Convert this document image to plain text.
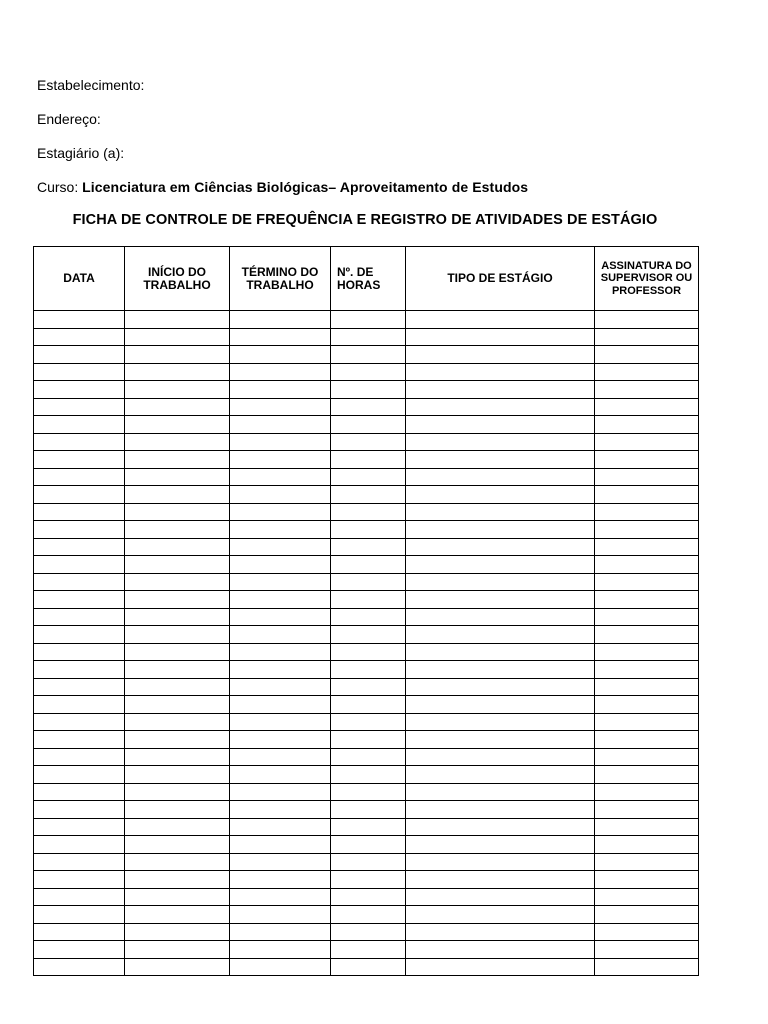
Estabelecimento:
Endereço:
Estagiário (a):
Curso: Licenciatura em Ciências Biológicas– Aproveitamento de Estudos
FICHA DE CONTROLE DE FREQUÊNCIA E REGISTRO DE ATIVIDADES DE ESTÁGIO
DATA	INÍCIO DO TRABALHO	TÉRMINO DO TRABALHO	Nº. DE HORAS	TIPO DE ESTÁGIO	ASSINATURA DO SUPERVISOR OU PROFESSOR
